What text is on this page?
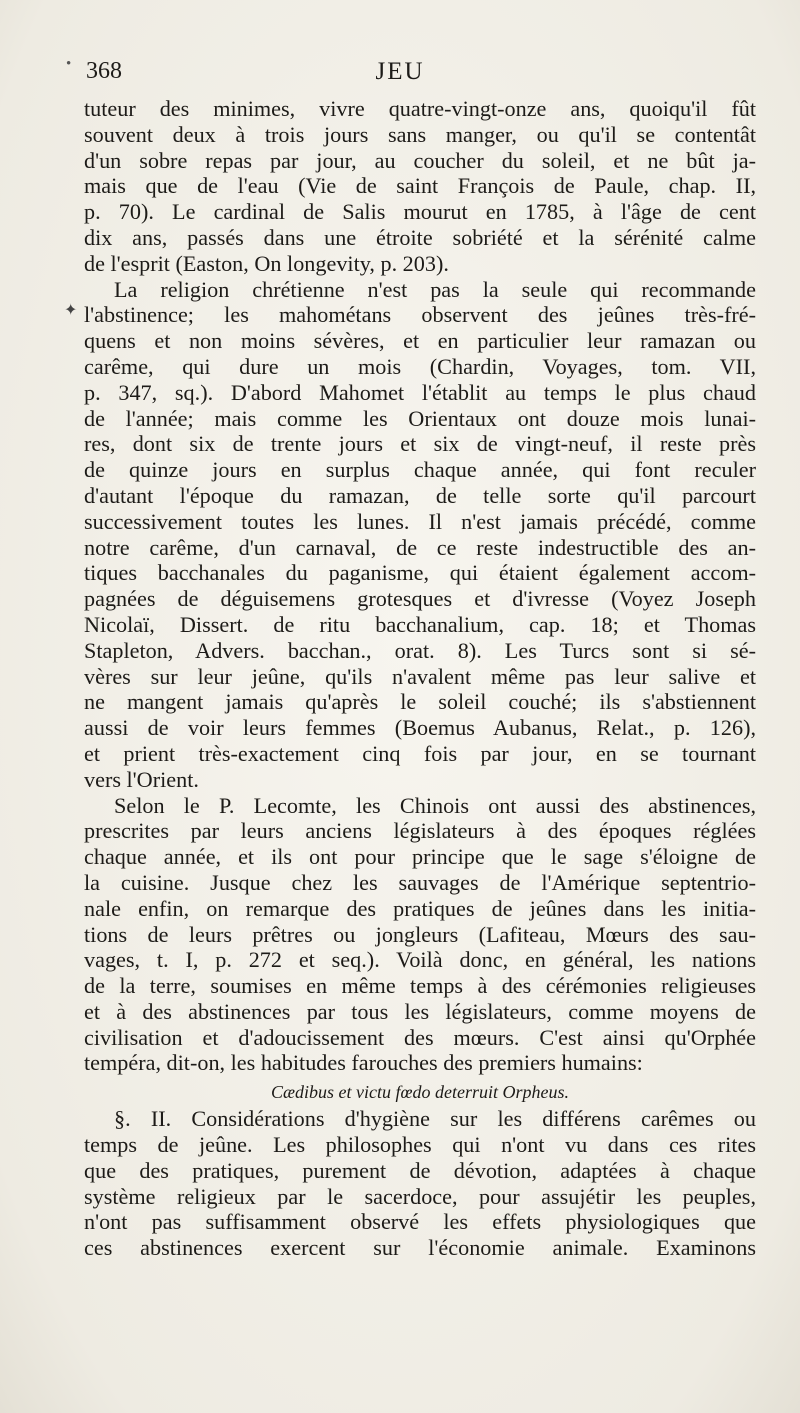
• 368	JEU
✦
tuteur des minimes, vivre quatre-vingt-onze ans, quoiqu'il fût
souvent deux à trois jours sans manger, ou qu'il se contentât
d'un sobre repas par jour, au coucher du soleil, et ne bût ja-
mais que de l'eau (Vie de saint François de Paule, chap. II,
p. 70). Le cardinal de Salis mourut en 1785, à l'âge de cent
dix ans, passés dans une étroite sobriété et la sérénité calme
de l'esprit (Easton, On longevity, p. 203).
La religion chrétienne n'est pas la seule qui recommande
l'abstinence; les mahométans observent des jeûnes très-fré-
quens et non moins sévères, et en particulier leur ramazan ou
carême, qui dure un mois (Chardin, Voyages, tom. VII,
p. 347, sq.). D'abord Mahomet l'établit au temps le plus chaud
de l'année; mais comme les Orientaux ont douze mois lunai-
res, dont six de trente jours et six de vingt-neuf, il reste près
de quinze jours en surplus chaque année, qui font reculer
d'autant l'époque du ramazan, de telle sorte qu'il parcourt
successivement toutes les lunes. Il n'est jamais précédé, comme
notre carême, d'un carnaval, de ce reste indestructible des an-
tiques bacchanales du paganisme, qui étaient également accom-
pagnées de déguisemens grotesques et d'ivresse (Voyez Joseph
Nicolaï, Dissert. de ritu bacchanalium, cap. 18; et Thomas
Stapleton, Advers. bacchan., orat. 8). Les Turcs sont si sé-
vères sur leur jeûne, qu'ils n'avalent même pas leur salive et
ne mangent jamais qu'après le soleil couché; ils s'abstiennent
aussi de voir leurs femmes (Boemus Aubanus, Relat., p. 126),
et prient très-exactement cinq fois par jour, en se tournant
vers l'Orient.
Selon le P. Lecomte, les Chinois ont aussi des abstinences,
prescrites par leurs anciens législateurs à des époques réglées
chaque année, et ils ont pour principe que le sage s'éloigne de
la cuisine. Jusque chez les sauvages de l'Amérique septentrio-
nale enfin, on remarque des pratiques de jeûnes dans les initia-
tions de leurs prêtres ou jongleurs (Lafiteau, Mœurs des sau-
vages, t. I, p. 272 et seq.). Voilà donc, en général, les nations
de la terre, soumises en même temps à des cérémonies religieuses
et à des abstinences par tous les législateurs, comme moyens de
civilisation et d'adoucissement des mœurs. C'est ainsi qu'Orphée
tempéra, dit-on, les habitudes farouches des premiers humains:
Cædibus et victu fœdo deterruit Orpheus.
§. II. Considérations d'hygiène sur les différens carêmes ou
temps de jeûne. Les philosophes qui n'ont vu dans ces rites
que des pratiques, purement de dévotion, adaptées à chaque
système religieux par le sacerdoce, pour assujétir les peuples,
n'ont pas suffisamment observé les effets physiologiques que
ces abstinences exercent sur l'économie animale. Examinons
